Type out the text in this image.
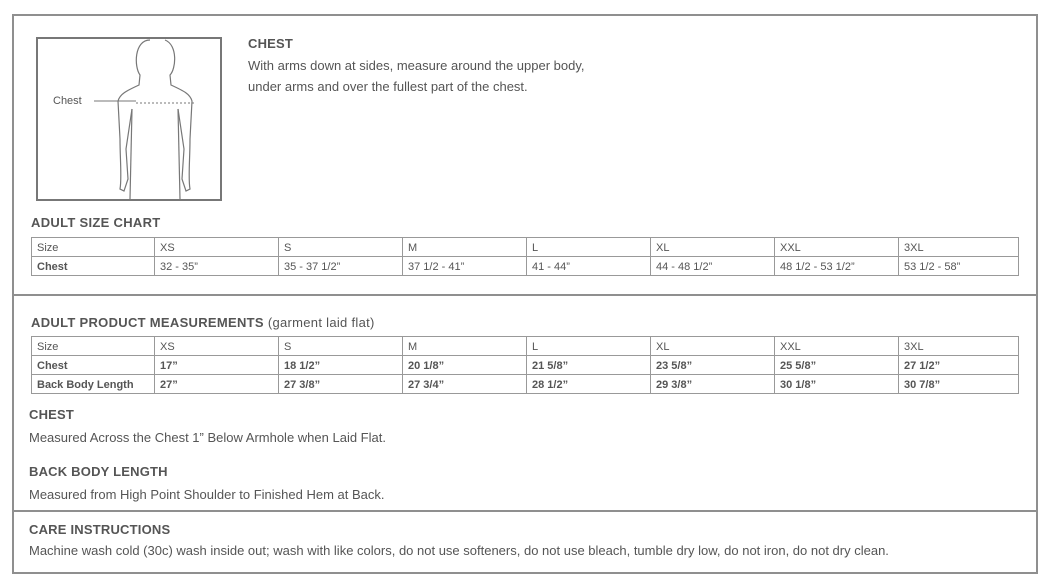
Chest
CHEST
With arms down at sides, measure around the upper body,
under arms and over the fullest part of the chest.
ADULT SIZE CHART
Size	XS	S	M	L	XL	XXL	3XL
Chest	32 - 35”	35 - 37 1/2”	37 1/2 - 41”	41 - 44”	44 - 48 1/2”	48 1/2 - 53 1/2”	53 1/2 - 58”
ADULT PRODUCT MEASUREMENTS (garment laid flat)
Size	XS	S	M	L	XL	XXL	3XL
Chest	17”	18 1/2”	20 1/8”	21 5/8”	23 5/8”	25 5/8”	27 1/2”
Back Body Length	27”	27 3/8”	27 3/4”	28 1/2”	29 3/8”	30 1/8”	30 7/8”
CHEST
Measured Across the Chest 1” Below Armhole when Laid Flat.
BACK BODY LENGTH
Measured from High Point Shoulder to Finished Hem at Back.
CARE INSTRUCTIONS
Machine wash cold (30c) wash inside out; wash with like colors, do not use softeners, do not use bleach, tumble dry low, do not iron, do not dry clean.
